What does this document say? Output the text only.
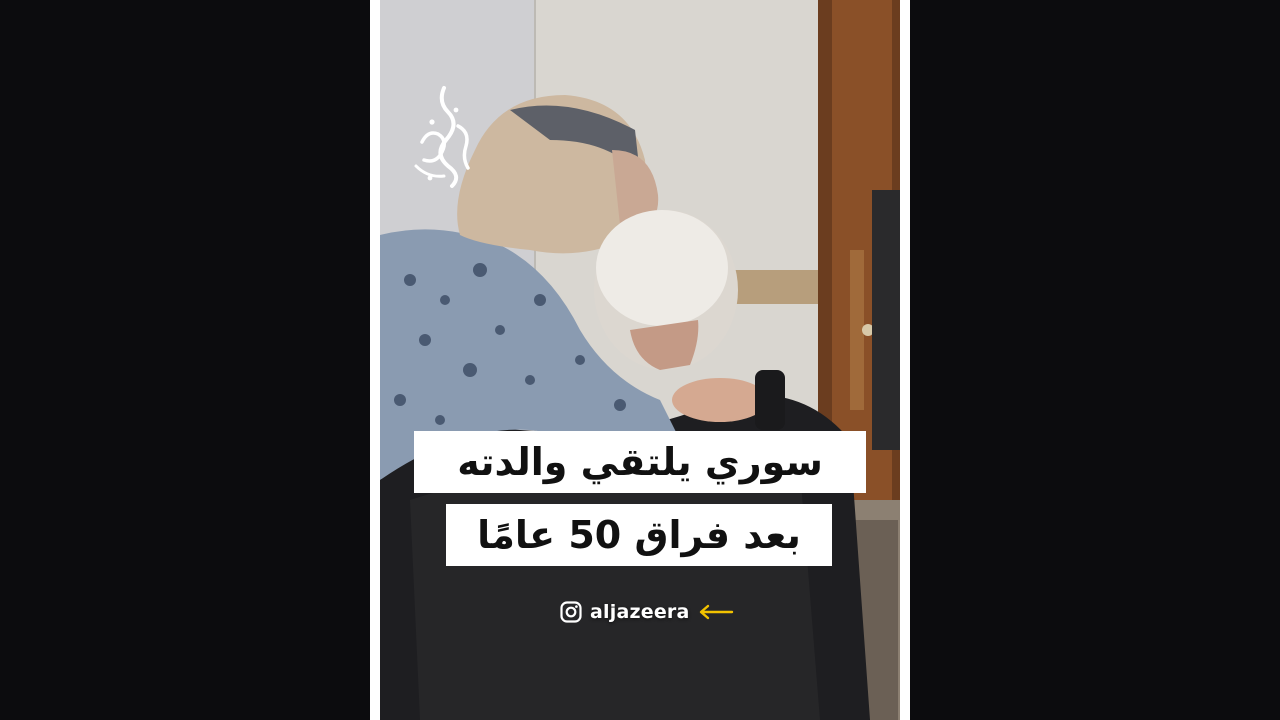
سوري يلتقي والدته
بعد فراق 50 عامًا
aljazeera
